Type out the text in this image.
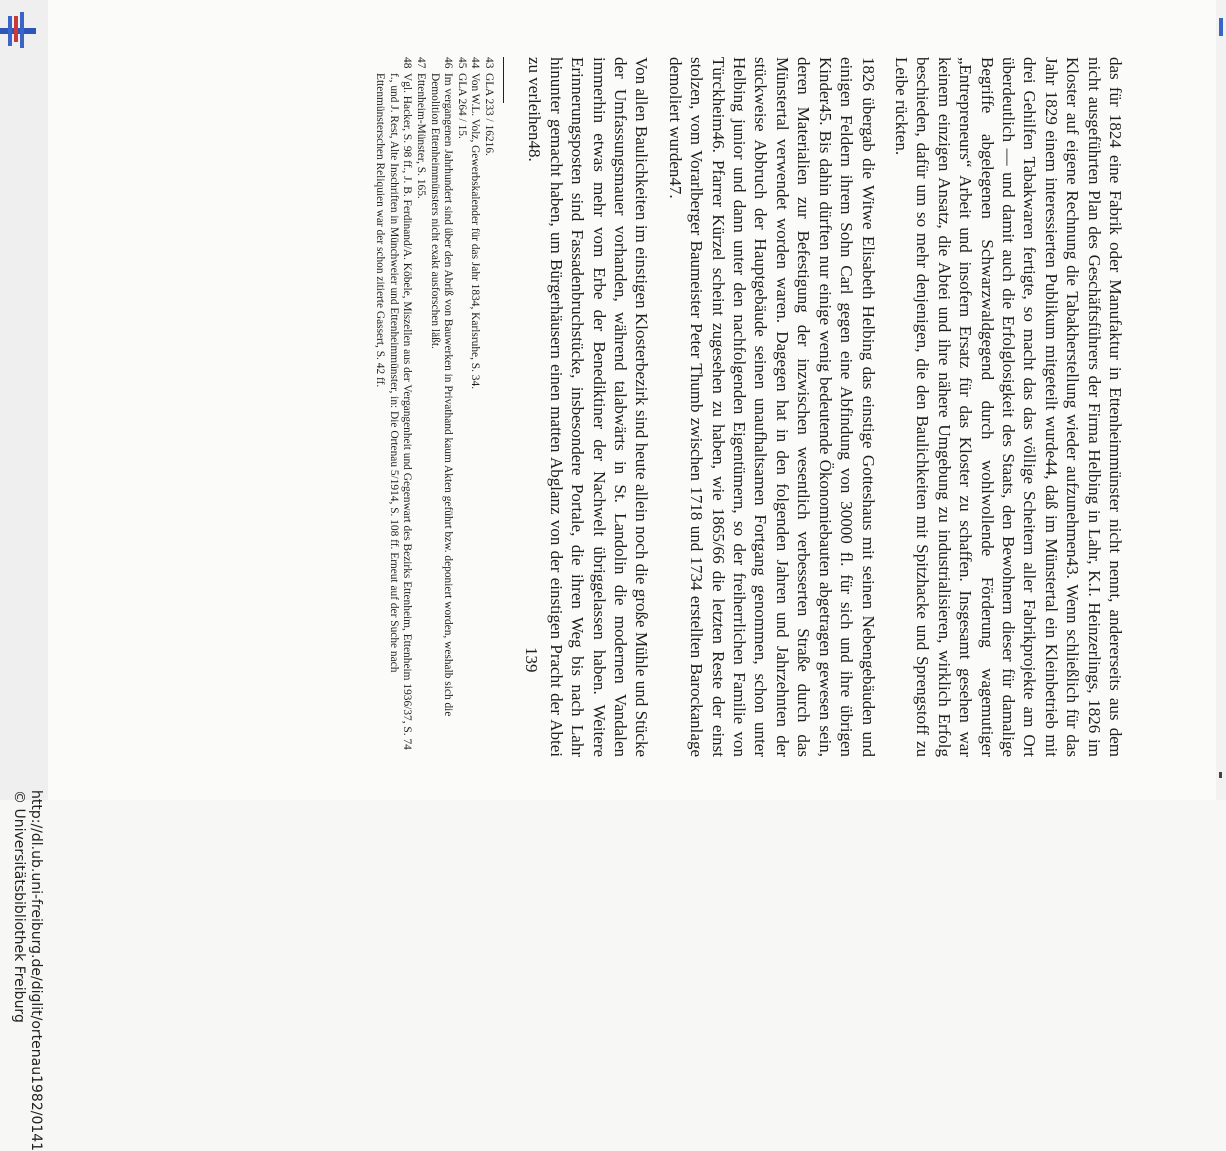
http://dl.ub.uni-freiburg.de/diglit/ortenau1982/0141
© Universitätsbibliothek Freiburg

das für 1824 eine Fabrik oder Manufaktur in Ettenheimmünster nicht nennt, andererseits aus dem nicht ausgeführten Plan des Geschäftsführers der Firma Helbing in Lahr, K.I. Heinzerlings, 1826 im Kloster auf eigene Rechnung die Tabakherstellung wieder aufzunehmen43. Wenn schließlich für das Jahr 1829 einem interessierten Publikum mitgeteilt wurde44, daß im Münstertal ein Kleinbetrieb mit drei Gehilfen Tabakwaren fertigte, so macht das das völlige Scheitern aller Fabrikprojekte am Ort überdeutlich — und damit auch die Erfolglosigkeit des Staats, den Bewohnern dieser für damalige Begriffe abgelegenen Schwarzwaldgegend durch wohlwollende Förderung wagemutiger „Entrepreneurs“ Arbeit und insofern Ersatz für das Kloster zu schaffen. Insgesamt gesehen war keinem einzigen Ansatz, die Abtei und ihre nähere Umgebung zu industrialisieren, wirklich Erfolg beschieden, dafür um so mehr denjenigen, die den Baulichkeiten mit Spitzhacke und Sprengstoff zu Leibe rückten.

1826 übergab die Witwe Elisabeth Helbing das einstige Gotteshaus mit seinen Nebengebäuden und einigen Feldern ihrem Sohn Carl gegen eine Abfindung von 30000 fl. für sich und ihre übrigen Kinder45. Bis dahin dürften nur einige wenig bedeutende Ökonomiebauten abgetragen gewesen sein, deren Materialien zur Befestigung der inzwischen wesentlich verbesserten Straße durch das Münstertal verwendet worden waren. Dagegen hat in den folgenden Jahren und Jahrzehnten der stückweise Abbruch der Hauptgebäude seinen unaufhaltsamen Fortgang genommen, schon unter Helbing junior und dann unter den nachfolgenden Eigentümern, so der freiherrlichen Familie von Türckheim46. Pfarrer Kürzel scheint zugesehen zu haben, wie 1865/66 die letzten Reste der einst stolzen, vom Vorarlberger Baumeister Peter Thumb zwischen 1718 und 1734 erstellten Barockanlage demoliert wurden47.

Von allen Baulichkeiten im einstigen Klosterbezirk sind heute allein noch die große Mühle und Stücke der Umfassungsmauer vorhanden, während talabwärts in St. Landolin die modernen Vandalen immerhin etwas mehr vom Erbe der Benediktiner der Nachwelt übriggelassen haben. Weitere Erinnerungsposten sind Fassadenbruchstücke, insbesondere Portale, die ihren Weg bis nach Lahr hinunter gemacht haben, um Bürgerhäusern einen matten Abglanz von der einstigen Pracht der Abtei zu verleihen48.

43
GLA 233 / 16216.
44
Von W.L. Volz, Gewerbskalender für das Jahr 1834, Karlsruhe, S. 34.
45
GLA 264 / 15.
46
Im vergangenen Jahrhundert sind über den Abriß von Bauwerken in Privathand kaum Akten geführt bzw. deponiert worden, weshalb sich die Demolition Ettenheimmünsters nicht exakt ausforschen läßt.
47
Ettenheim-Münster, S. 165.
48
Vgl. Hacker, S. 98 ff., J. B. Ferdinand/A. Köbele, Miszellen aus der Vergangenheit und Gegenwart des Bezirks Ettenheim, Ettenheim 1936/37, S. 74 f., und J. Rest, Alte Inschriften in Münchweier und Ettenheimmünster, in: Die Ortenau 5/1914, S. 108 ff. Erneut auf der Suche nach Ettenmünsterschen Reliquien war der schon zitierte Gassert, S. 42 ff.
139
